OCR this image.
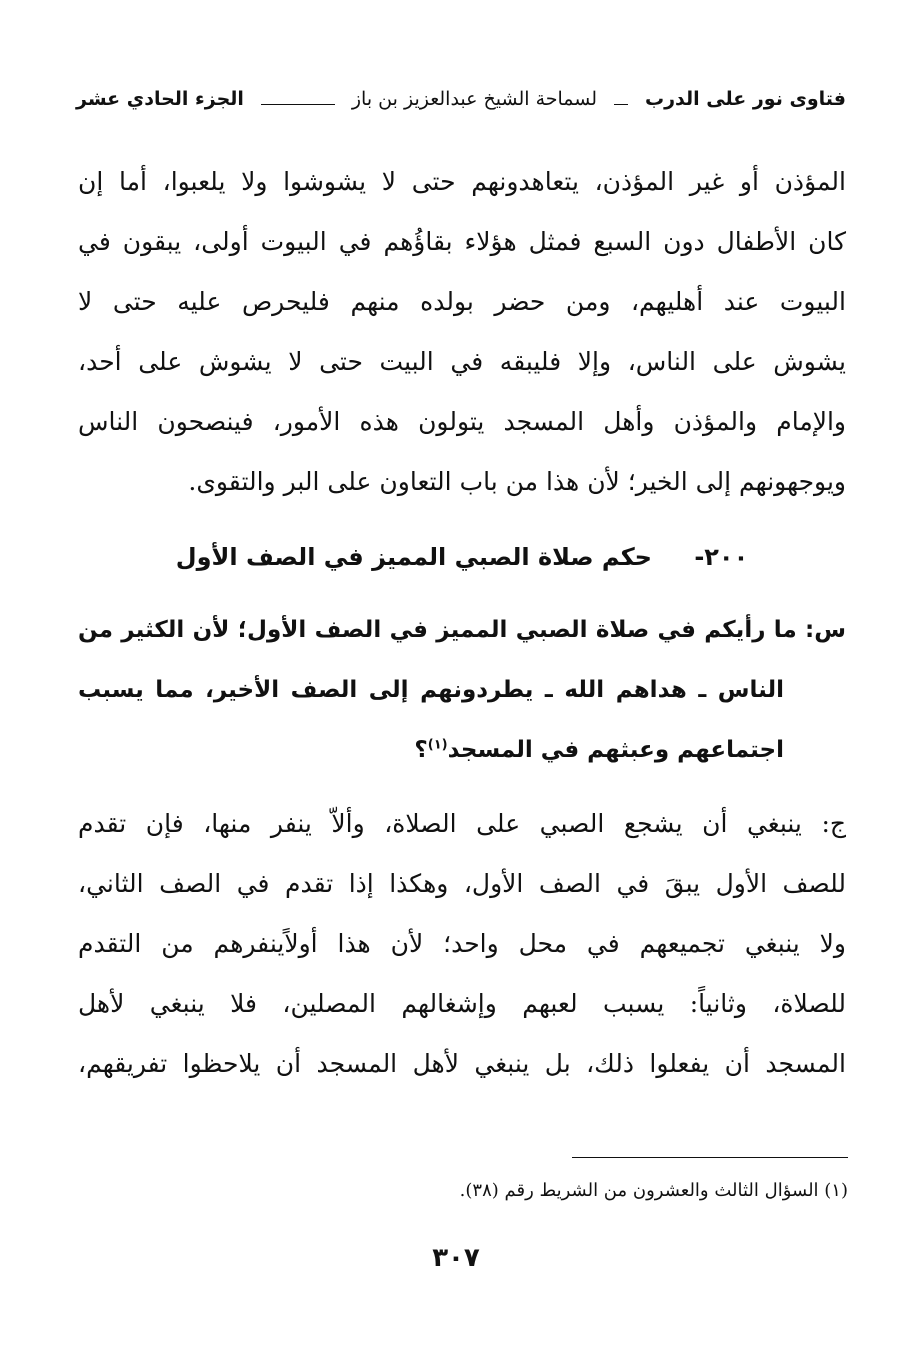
فتاوى نور على الدرب
لسماحة الشيخ عبدالعزيز بن باز
الجزء الحادي عشر
المؤذن أو غير المؤذن، يتعاهدونهم حتى لا يشوشوا ولا يلعبوا، أما إن
كان الأطفال دون السبع فمثل هؤلاء بقاؤُهم في البيوت أولى، يبقون في
البيوت عند أهليهم، ومن حضر بولده منهم فليحرص عليه حتى لا
يشوش على الناس، وإلا فليبقه في البيت حتى لا يشوش على أحد،
والإمام والمؤذن وأهل المسجد يتولون هذه الأمور، فينصحون الناس
ويوجهونهم إلى الخير؛ لأن هذا من باب التعاون على البر والتقوى.
٢٠٠- حكم صلاة الصبي المميز في الصف الأول
س: ما رأيكم في صلاة الصبي المميز في الصف الأول؛ لأن الكثير من
الناس ـ هداهم الله ـ يطردونهم إلى الصف الأخير، مما يسبب
اجتماعهم وعبثهم في المسجد$^{(١)}$؟
ج: ينبغي أن يشجع الصبي على الصلاة، وألاّ ينفر منها، فإن تقدم
للصف الأول يبقَ في الصف الأول، وهكذا إذا تقدم في الصف الثاني،
ولا ينبغي تجميعهم في محل واحد؛ لأن هذا أولاًينفرهم من التقدم
للصلاة، وثانياً: يسبب لعبهم وإشغالهم المصلين، فلا ينبغي لأهل
المسجد أن يفعلوا ذلك، بل ينبغي لأهل المسجد أن يلاحظوا تفريقهم،
(١) السؤال الثالث والعشرون من الشريط رقم (٣٨).
٣٠٧
